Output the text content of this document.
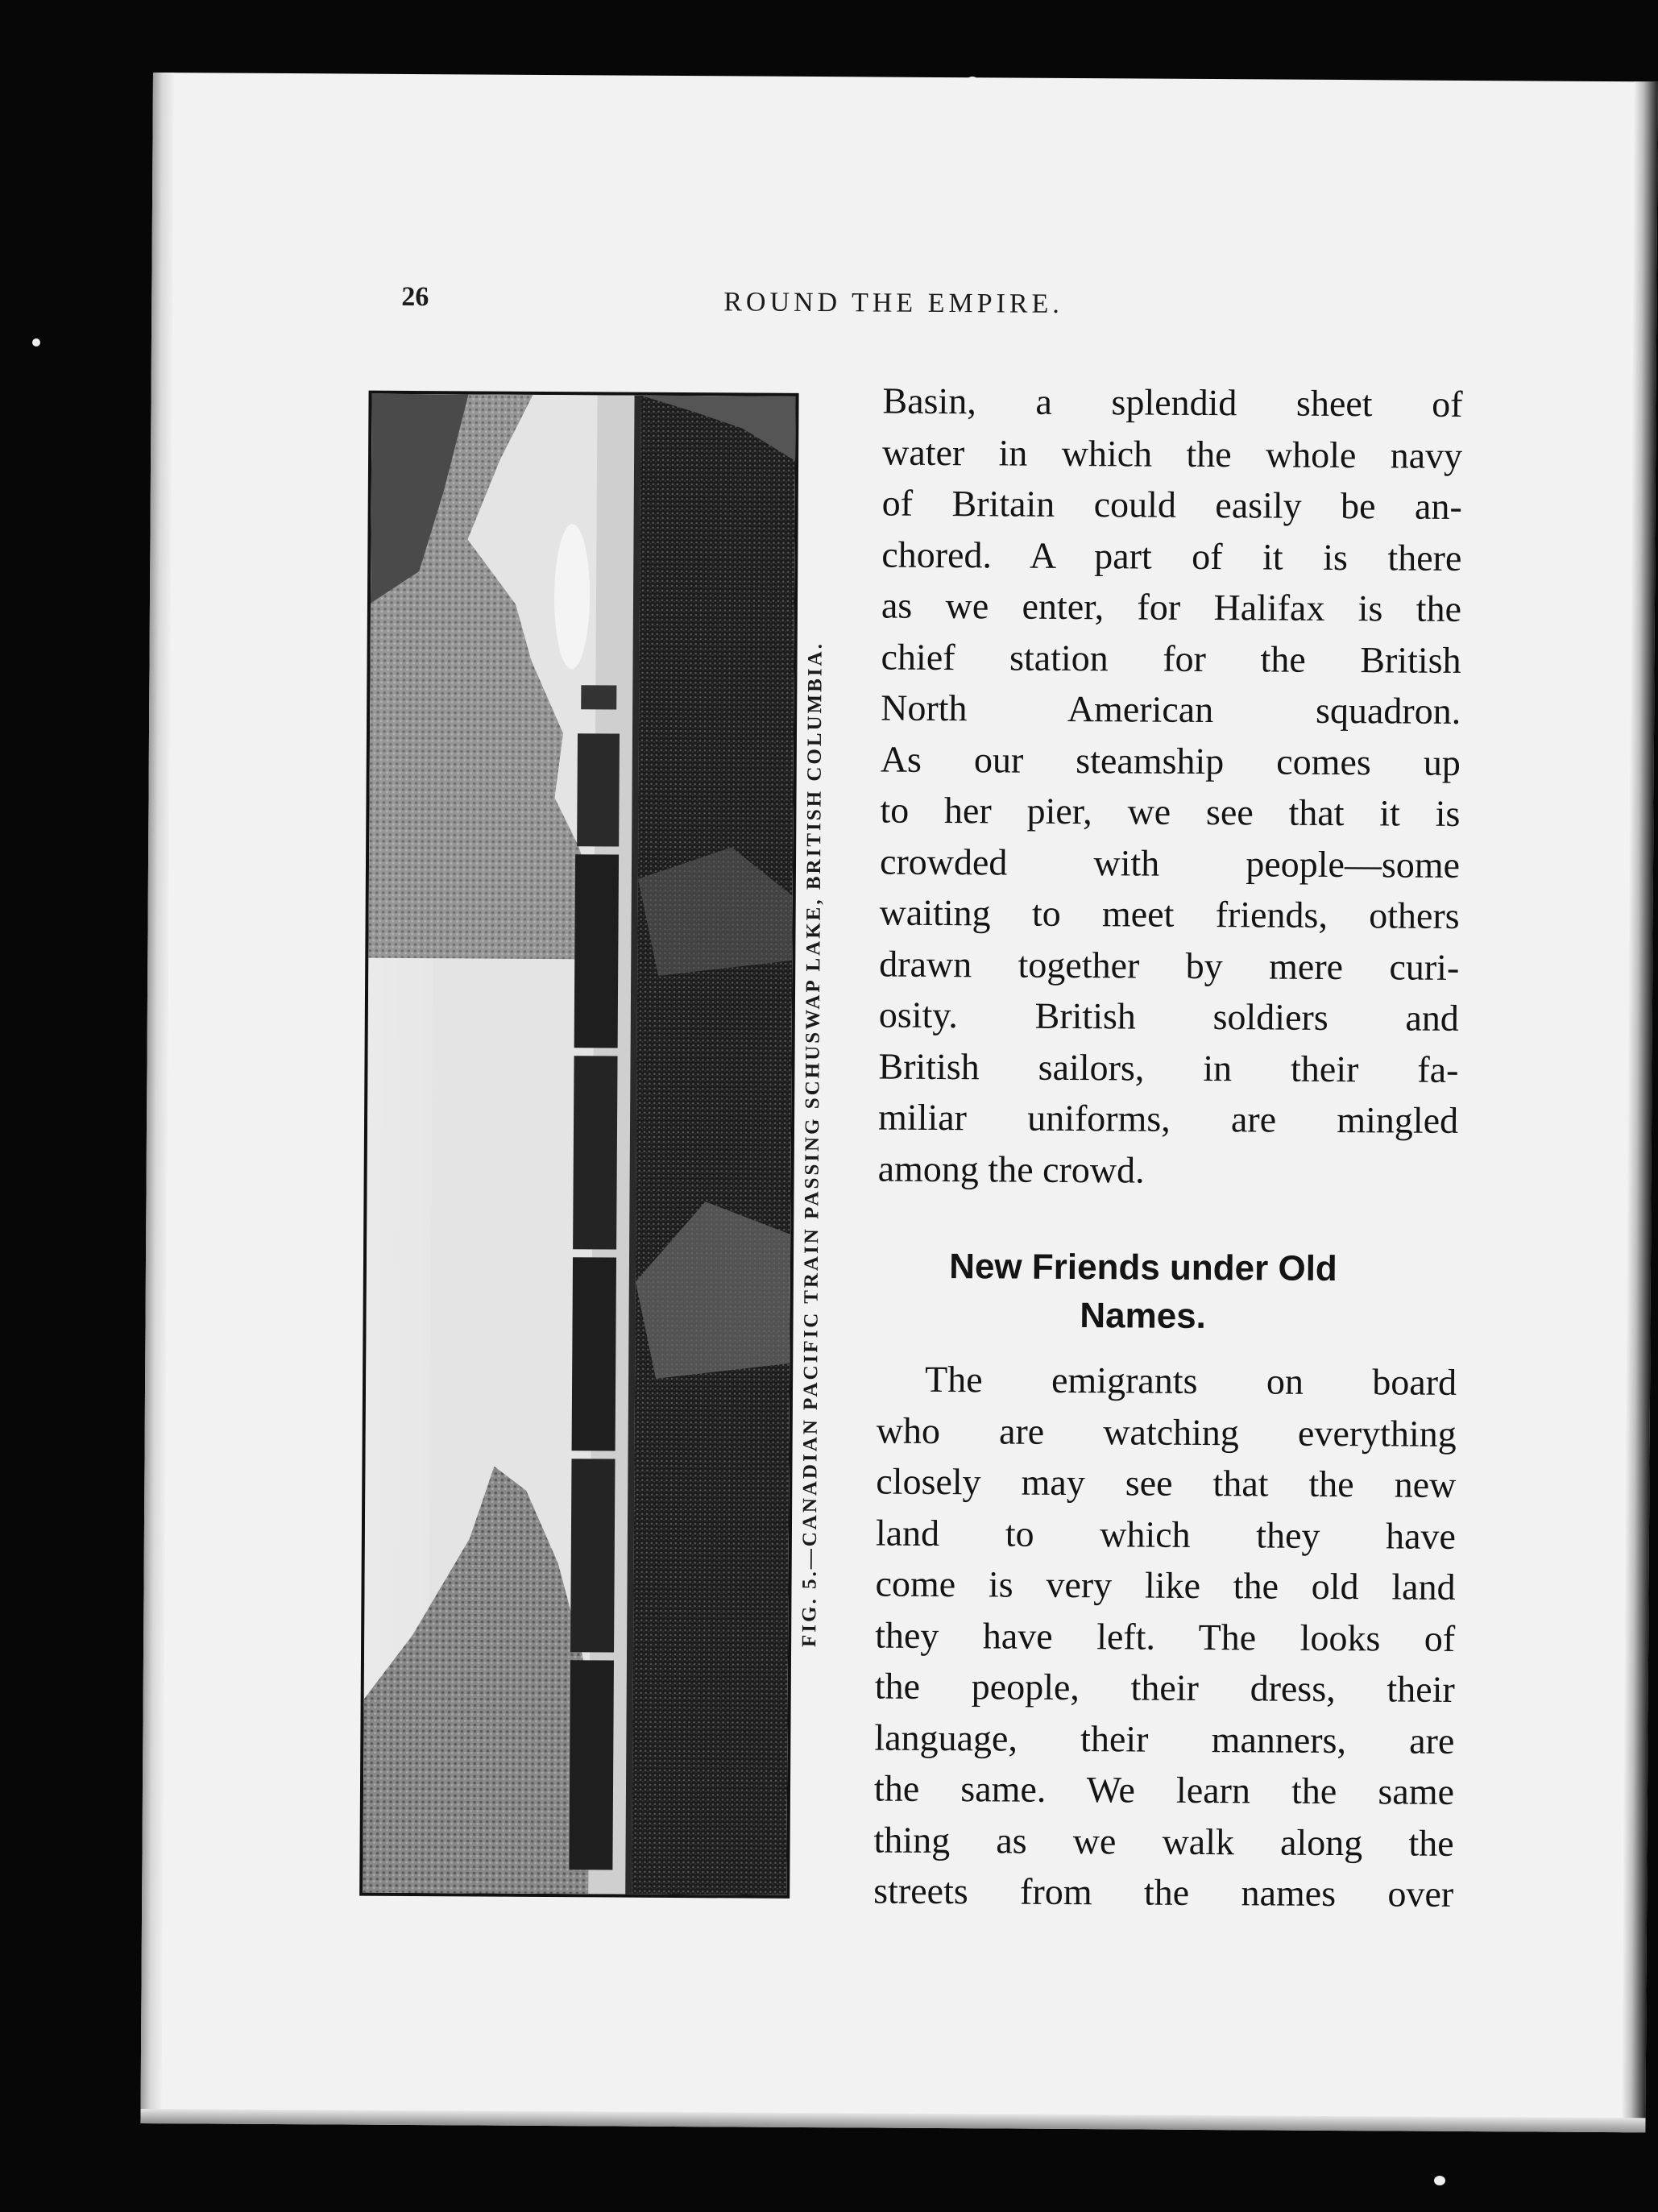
26	ROUND THE EMPIRE.
FIG. 5.—CANADIAN PACIFIC TRAIN PASSING SCHUSWAP LAKE, BRITISH COLUMBIA.
Basin, a splendid sheet of
water in which the whole navy
of Britain could easily be an-
chored. A part of it is there
as we enter, for Halifax is the
chief station for the British
North American squadron.
As our steamship comes up
to her pier, we see that it is
crowded with people—some
waiting to meet friends, others
drawn together by mere curi-
osity. British soldiers and
British sailors, in their fa-
miliar uniforms, are mingled
among the crowd.
New Friends under Old
Names.
The emigrants on board
who are watching everything
closely may see that the new
land to which they have
come is very like the old land
they have left. The looks of
the people, their dress, their
language, their manners, are
the same. We learn the same
thing as we walk along the
streets from the names over
